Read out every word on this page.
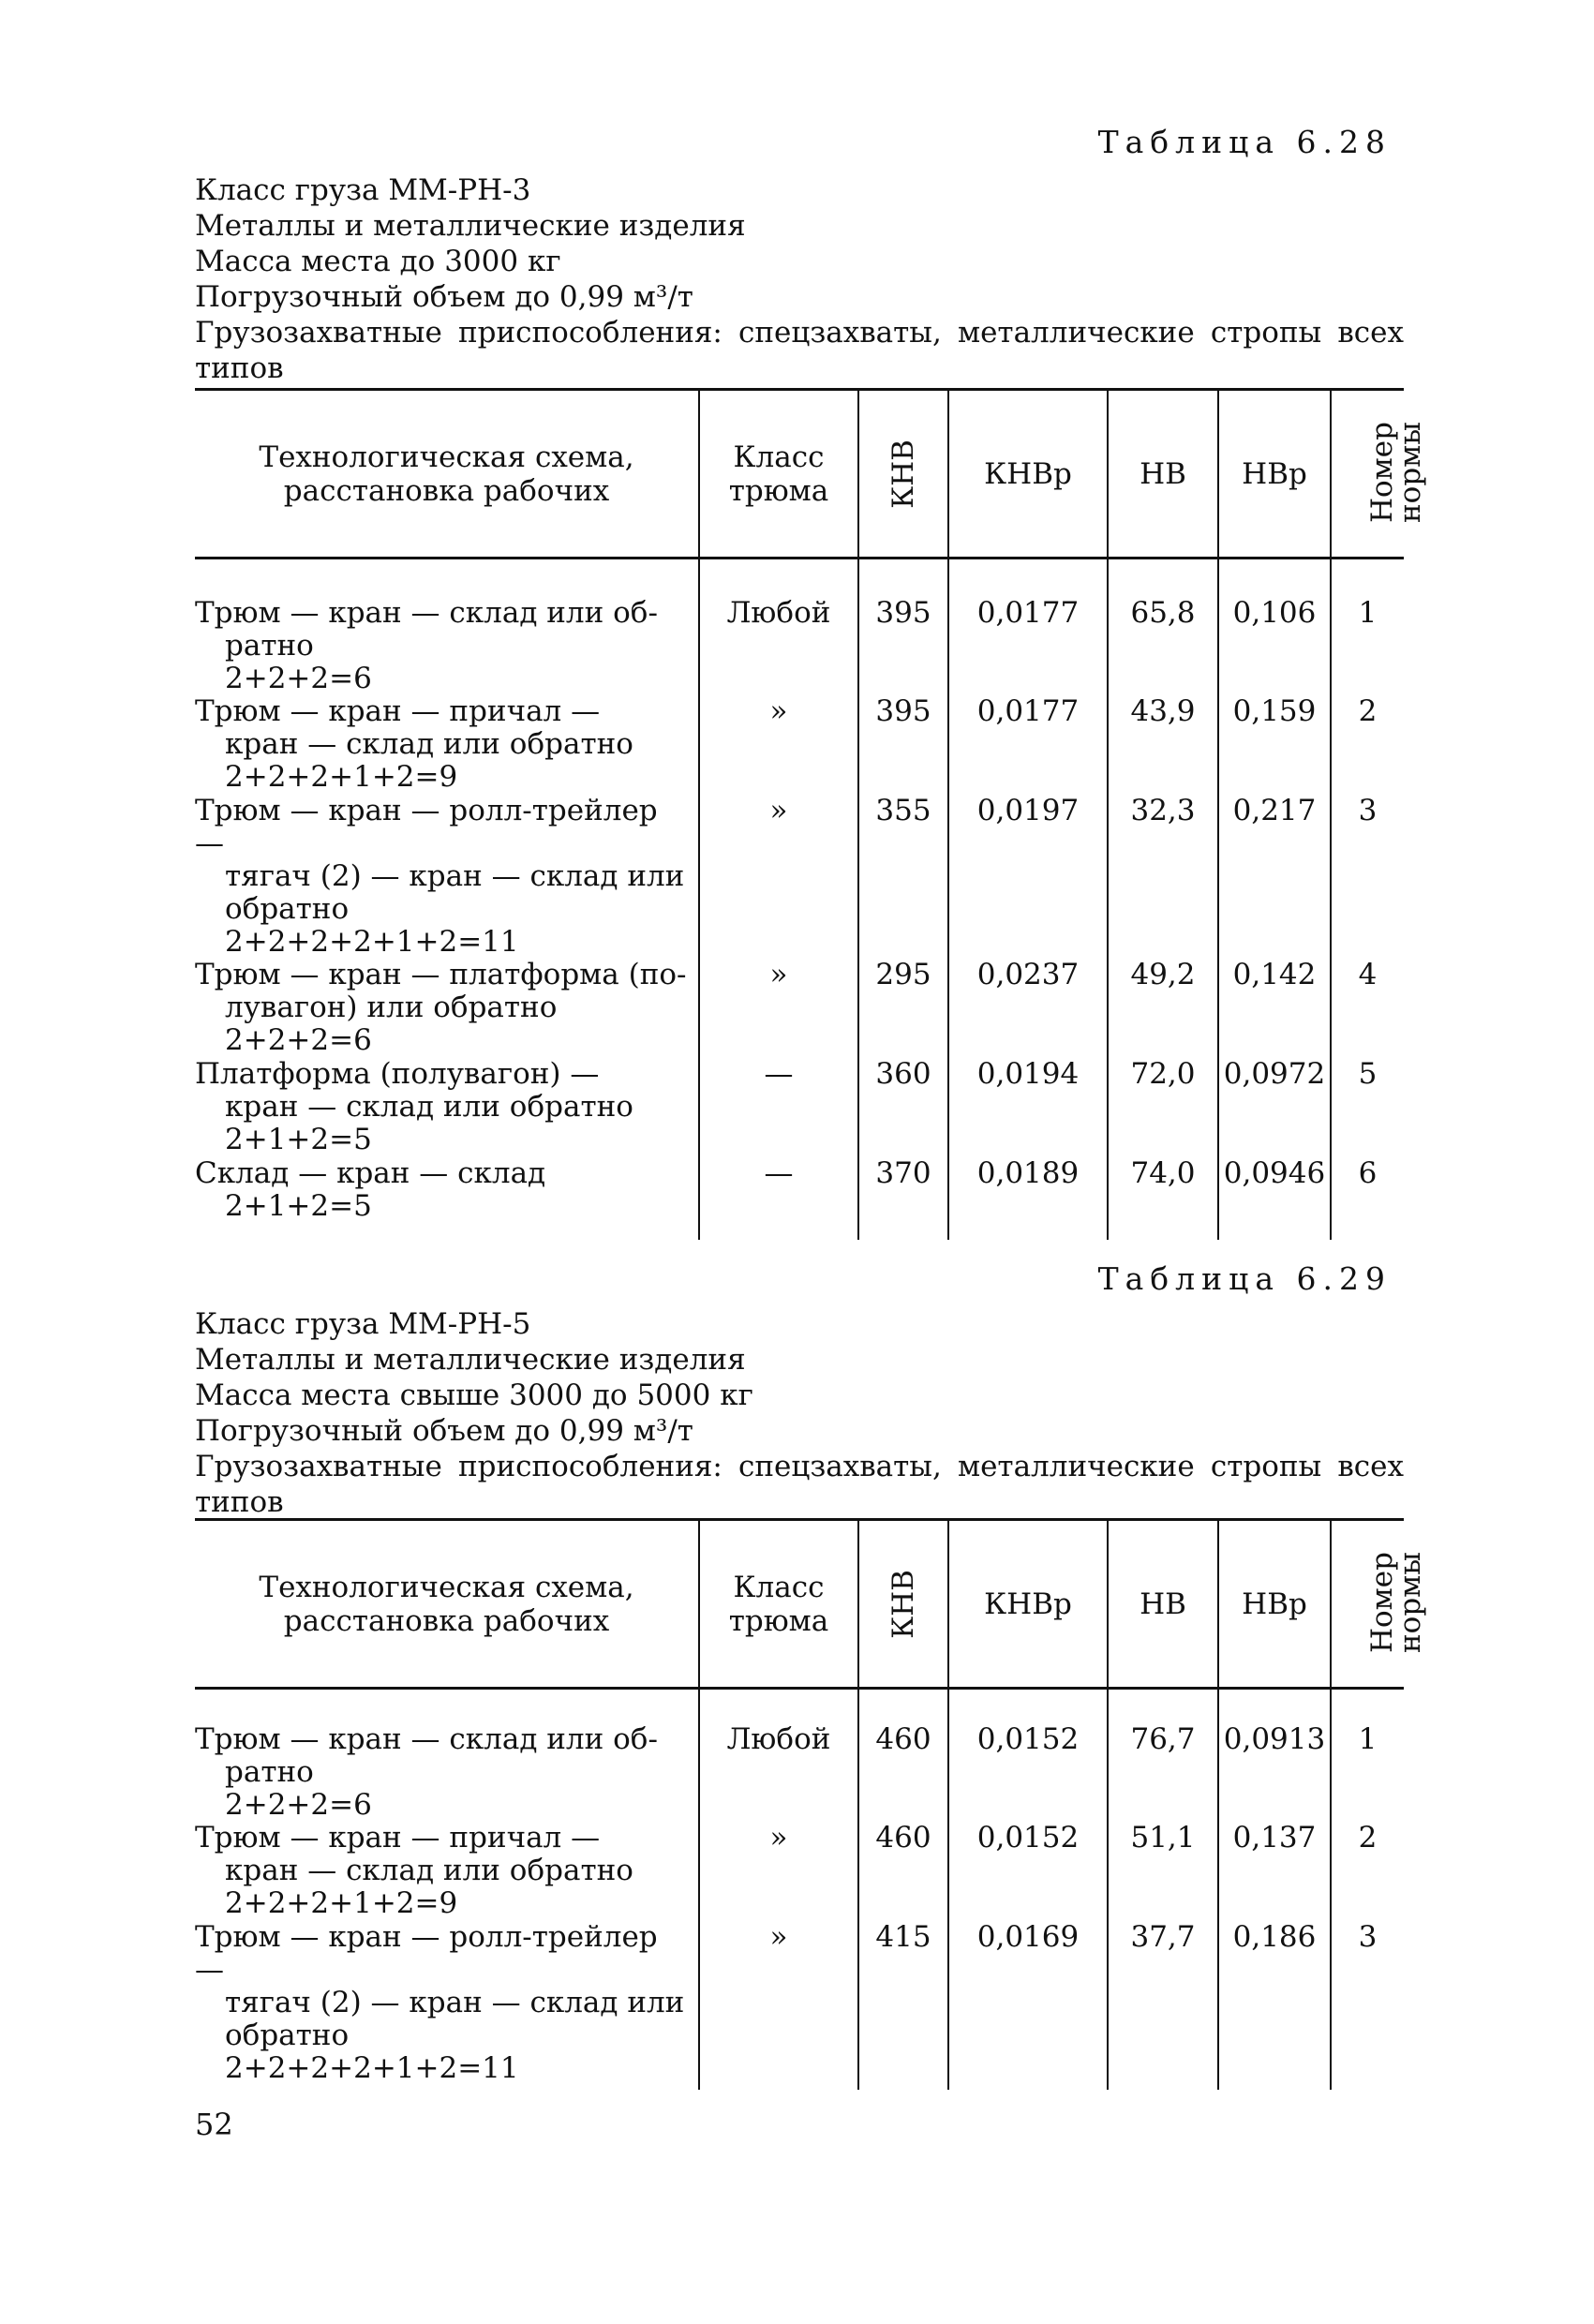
Таблица 6.28
Класс груза ММ-РН-3
Металлы и металлические изделия
Масса места до 3000 кг
Погрузочный объем до 0,99 м³/т
Грузозахватные приспособления: спецзахваты, металлические стропы всех типов
Технологическая схема, расстановка рабочих	Класс трюма	КНВ	КНВр	НВ	НВр	Номер нормы

Трюм — кран — склад или об-
ратно
2+2+2=6	Любой	395	0,0177	65,8	0,106	1

Трюм — кран — причал —
кран — склад или обратно
2+2+2+1+2=9	»	395	0,0177	43,9	0,159	2

Трюм — кран — ролл-трейлер —
тягач (2) — кран — склад или
обратно
2+2+2+2+1+2=11	»	355	0,0197	32,3	0,217	3

Трюм — кран — платформа (по-
лувагон) или обратно
2+2+2=6	»	295	0,0237	49,2	0,142	4

Платформа (полувагон) —
кран — склад или обратно
2+1+2=5	—	360	0,0194	72,0	0,0972	5

Склад — кран — склад
2+1+2=5	—	370	0,0189	74,0	0,0946	6
Таблица 6.29
Класс груза ММ-РН-5
Металлы и металлические изделия
Масса места свыше 3000 до 5000 кг
Погрузочный объем до 0,99 м³/т
Грузозахватные приспособления: спецзахваты, металлические стропы всех типов
Технологическая схема, расстановка рабочих	Класс трюма	КНВ	КНВр	НВ	НВр	Номер нормы

Трюм — кран — склад или об-
ратно
2+2+2=6	Любой	460	0,0152	76,7	0,0913	1

Трюм — кран — причал —
кран — склад или обратно
2+2+2+1+2=9	»	460	0,0152	51,1	0,137	2

Трюм — кран — ролл-трейлер —
тягач (2) — кран — склад или
обратно
2+2+2+2+1+2=11	»	415	0,0169	37,7	0,186	3
52
